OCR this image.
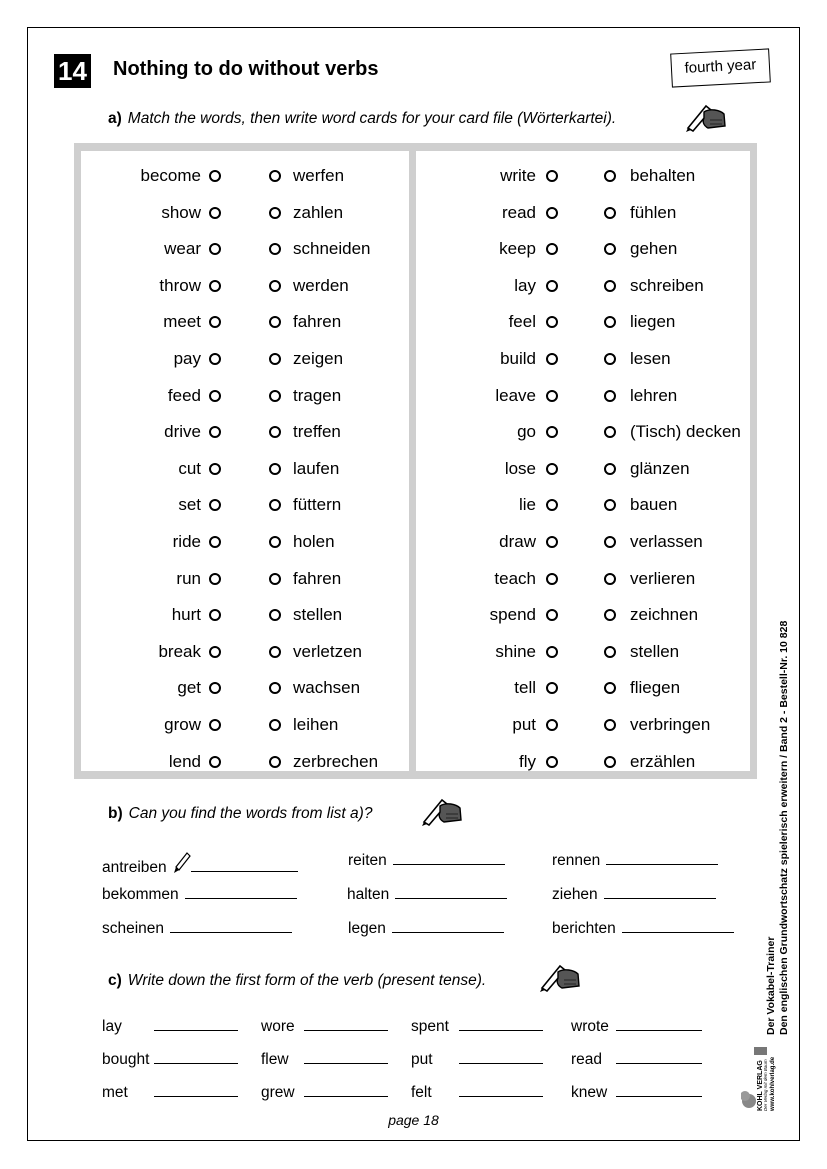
14 Nothing to do without verbs	fourth year
a) Match the words, then write word cards for your card file (Wörterkartei).
become	werfen
show	zahlen
wear	schneiden
throw	werden
meet	fahren
pay	zeigen
feed	tragen
drive	treffen
cut	laufen
set	füttern
ride	holen
run	fahren
hurt	stellen
break	verletzen
get	wachsen
grow	leihen
lend	zerbrechen
write	behalten
read	fühlen
keep	gehen
lay	schreiben
feel	liegen
build	lesen
leave	lehren
go	(Tisch) decken
lose	glänzen
lie	bauen
draw	verlassen
teach	verlieren
spend	zeichnen
shine	stellen
tell	fliegen
put	verbringen
fly	erzählen
b) Can you find the words from list a)?
antreiben	reiten	rennen
bekommen	halten	ziehen
scheinen	legen	berichten
c) Write down the first form of the verb (present tense).
lay	wore	spent	wrote
bought	flew	put	read
met	grew	felt	knew
Der Vokabel-Trainer Den englischen Grundwortschatz spielerisch erweitern / Band 2 - Bestell-Nr. 10 828
KOHL VERLAG Der Verlag mit dem Baum www.kohlverlag.de
page 18
